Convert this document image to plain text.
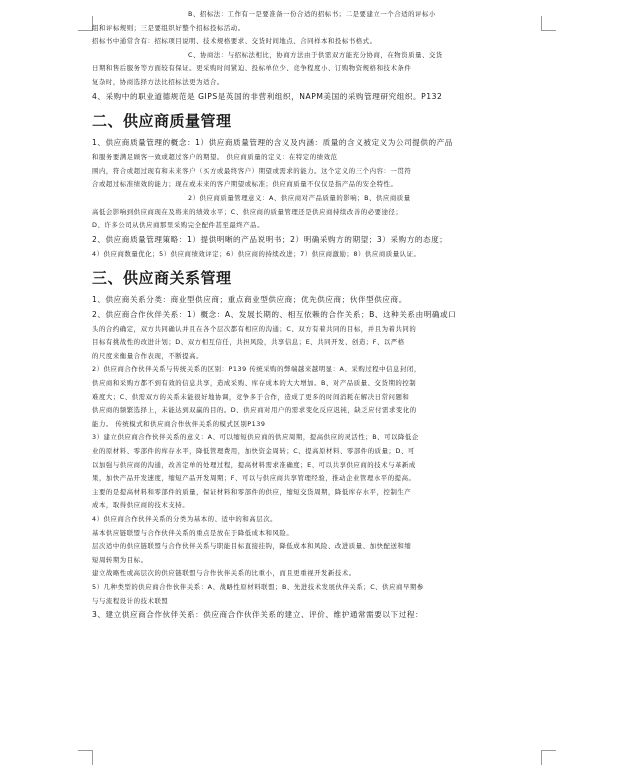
B、招标法：工作有一是要准备一份合适的招标书；二是要建立一个合适的评标小

组和评标规则；三是要组织好整个招标投标活动。

招标书中通常含有：招标项目说明、技术规格要求、交货时间地点、合同样本和投标书格式。

C、协商法：与招标法相比，协商方法由于供需双方能充分协商，在物资质量、交货

日期和售后服务等方面较有保证。更采购时间紧迫、投标单位少、竞争程度小、订购物资规格和技术条件

复杂时，协商选择方法比招标法更为适合。

4、采购中的职业道德规范是 GIPS是英国的非营利组织，NAPM美国的采购管理研究组织。P132

二、供应商质量管理

1、供应商质量管理的概念：1）供应商质量管理的含义及内涵：质量的含义被定义为公司提供的产品

和服务要满足顾客一致或超过客户的期望。 供应商质量的定义：在特定的绩效范

围内，符合或超过现有和未来客户（买方或最终客户）期望或需求的能力。这个定义的三个内容：一贯符

合或超过标准绩效的能力；现在或未来的客户期望或标准；供应商质量不仅仅是指产品的安全特性。

2）供应商质量管理意义：A、供应商对产品质量的影响；B、供应商质量

高低会影响到供应商现在及将来的绩效水平；C、供应商的质量管理还是供应商持续改善的必要途径；

D、许多公司从供应商那里采购完全配件甚至最终产品。

2、供应商质量管理策略：1）提供明晰的产品说明书；2）明确采购方的期望；3）采购方的态度；

4）供应商数量优化；5）供应商绩效评定；6）供应商的持续改进；7）供应商激励；8）供应商质量认证。

三、供应商关系管理

1、供应商关系分类：商业型供应商；重点商业型供应商；优先供应商；伙伴型供应商。

2、供应商合作伙伴关系：1）概念：A、发展长期的、相互依赖的合作关系；B、这种关系由明确或口

头的合约确定，双方共同确认并且在各个层次都有相应的沟通；C、双方有着共同的目标，并且为着共同的

目标有挑战性的改进计划；D、双方相互信任，共担风险，共享信息；E、共同开发、创造；F、以严格

的尺度来衡量合作表现，不断提高。

2）供应商合作伙伴关系与传统关系的区别：P139 传统采购的弊端越来越明显：A、采购过程中信息封闭，

供应商和采购方都不到有效的信息共享，造成采购、库存成本的大大增加。B、对产品质量、交货期的控制

难度大；C、供需双方的关系未能很好地协调，竞争多于合作，造成了更多的时间消耗在解决日常问题和

供应商的频繁选择上，未能达到双赢的目的。D、供应商对用户的需求变化反应迟钝，缺乏应付需求变化的

能力。 传统模式和供应商合作伙伴关系的模式区别P139

3）建立供应商合作伙伴关系的意义：A、可以缩短供应商的供应周期，提高供应的灵活性；B、可以降低企

业的原材料、零部件的库存水平，降低管理费用，加快资金周转；C、提高原材料、零部件的质量；D、可

以加强与供应商的沟通，改善定单的处理过程，提高材料需求准确度；E、可以共享供应商的技术与革新成

果，加快产品开发速度，缩短产品开发周期；F、可以与供应商共享管理经验，推动企业管理水平的提高。

主要的是提高材料和零部件的质量，保证材料和零部件的供应，缩短交货周期，降低库存水平，控制生产

成本，取得供应商的技术支持。

4）供应商合作伙伴关系的分类为基本的、适中的和高层次。

基本供应链联盟与合作伙伴关系的重点是放在于降低成本和风险。

层次适中的供应链联盟与合作伙伴关系与职能目标直接挂钩，降低成本和风险、改进质量、加快配送和缩

短周转期为目标。

建立战略性或高层次的供应链联盟与合作伙伴关系的比重小，而且更重视开发新技术。

5）几种类型的供应商合作伙伴关系：A、战略性原材料联盟；B、先进技术发展伙伴关系；C、供应商早期参

与与流程设计的技术联盟

3、建立供应商合作伙伴关系：供应商合作伙伴关系的建立、评价、维护通常需要以下过程：
